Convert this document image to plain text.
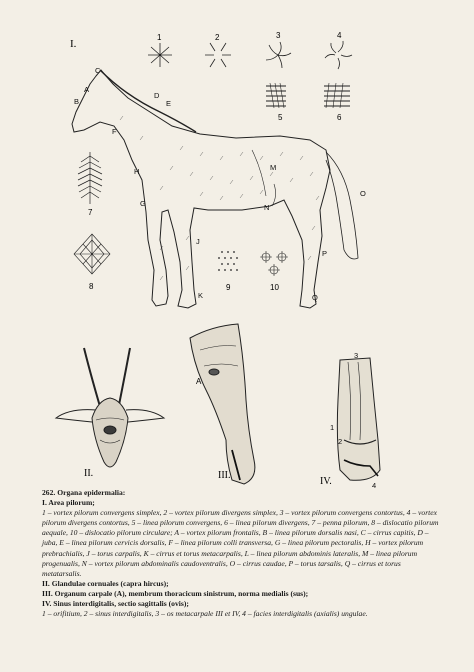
I.
1	2	3	4
5	6
7
8	9	10
A
B
C
D
E
F
G
H
J
K
M
N
O
P
Q
II.
A
III.
1
2
3
4
IV.

262. Organa epidermalia:

I. Area pilorum;

1 – vortex pilorum convergens simplex, 2 – vortex pilorum divergens simplex, 3 – vortex pilorum convergens contortus, 4 – vortex pilorum divergens contortus, 5 – linea pilorum convergens, 6 – linea pilorum divergens, 7 – penna pilorum, 8 – dislocatio pilorum aequale, 10 – dislocatio pilorum circulare; A – vortex pilorum frontalis, B – linea pilorum dorsalis nasi, C – cirrus capitis, D – juba, E – linea pilorum cervicis dorsalis, F – linea pilorum colli transversa, G – linea pilorum pectoralis, H – vortex pilorum prebrachialis, J – torus carpalis, K – cirrus et torus metacarpalis, L – linea pilorum abdominis lateralis, M – linea pilorum progenualis, N – vortex pilorum abdominalis caudoventralis, O – cirrus caudae, P – torus tarsalis, Q – cirrus et torus metatarsalis.

II. Glandulae cornuales (capra hircus);

III. Organum carpale (A), membrum thoracicum sinistrum, norma medialis (sus);

IV. Sinus interdigitalis, sectio sagittalis (ovis);

1 – orifitium, 2 – sinus interdigitalis, 3 – os metacarpale III et IV, 4 – facies interdigitalis (axialis) ungulae.
